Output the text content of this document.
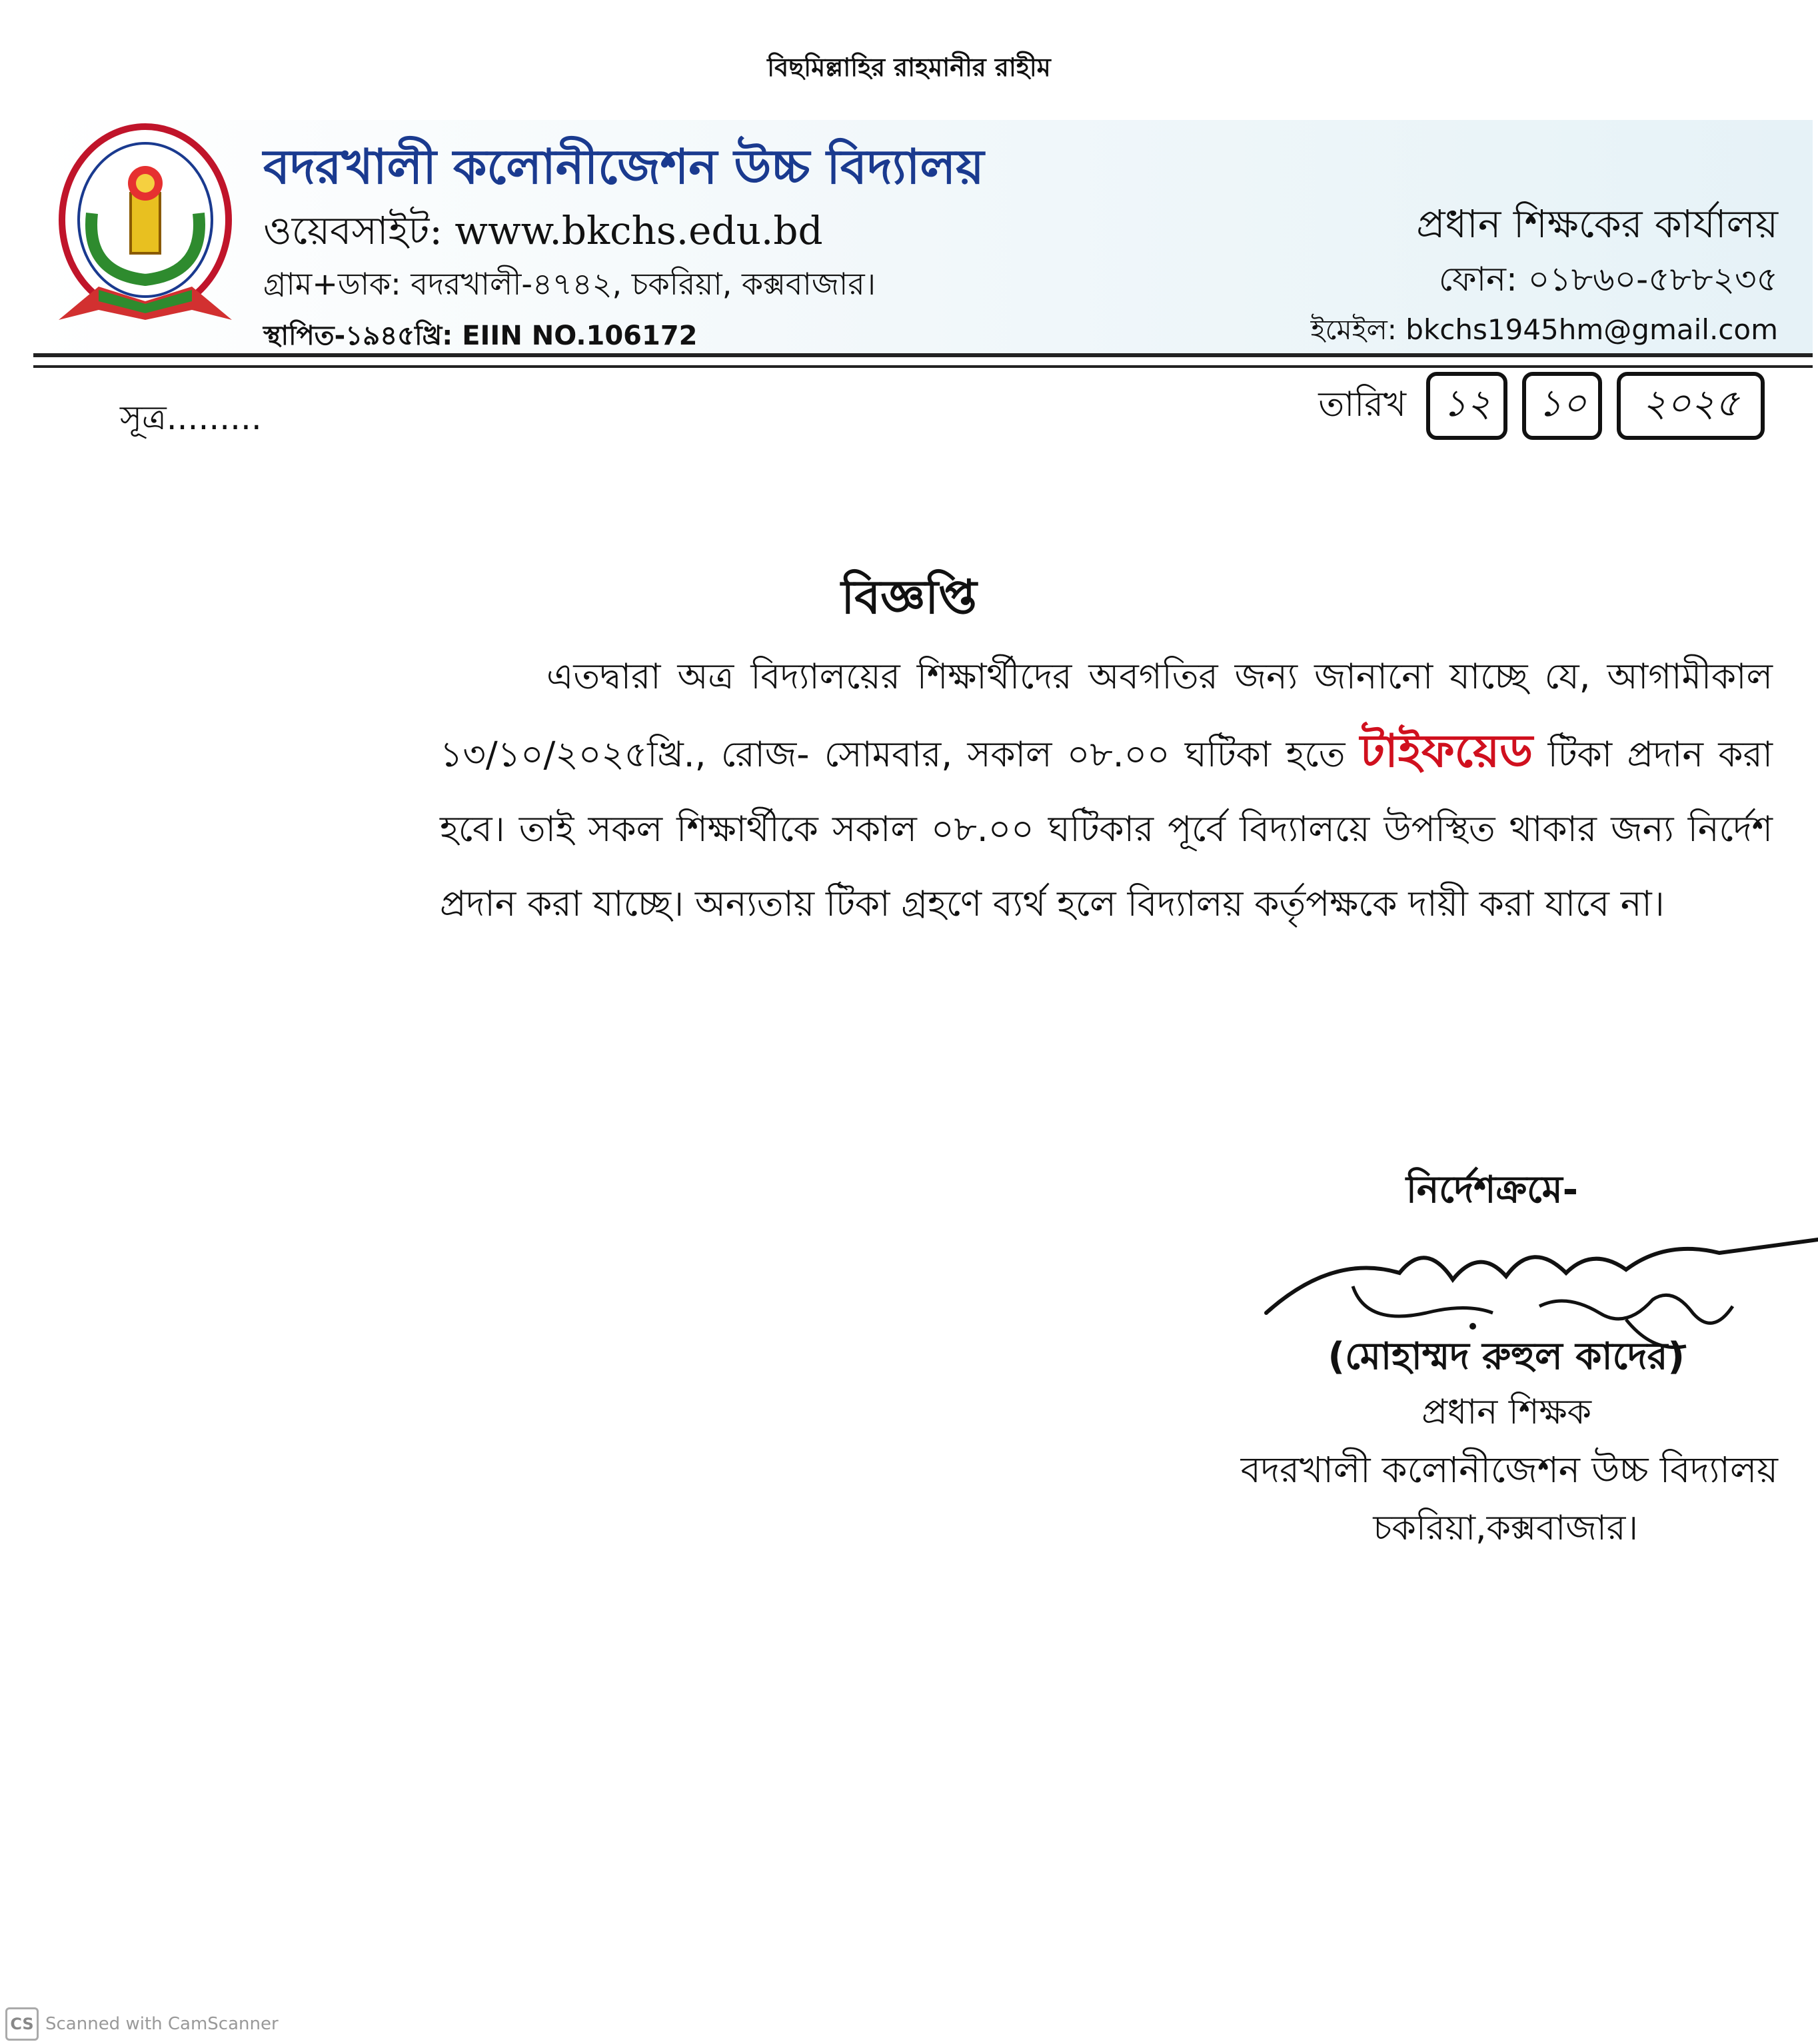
বিছমিল্লাহির রাহমানীর রাহীম
বদরখালী কলোনীজেশন উচ্চ বিদ্যালয়
ওয়েবসাইট: www.bkchs.edu.bd
গ্রাম+ডাক: বদরখালী-৪৭৪২, চকরিয়া, কক্সবাজার।
স্থাপিত-১৯৪৫খ্রি: EIIN NO.106172
প্রধান শিক্ষকের কার্যালয়
ফোন: ০১৮৬০-৫৮৮২৩৫
ইমেইল: bkchs1945hm@gmail.com
সূত্র.........	তারিখ ১২	১০	২০২৫
বিজ্ঞপ্তি
এতদ্বারা অত্র বিদ্যালয়ের শিক্ষার্থীদের অবগতির জন্য জানানো যাচ্ছে যে, আগামীকাল ১৩/১০/২০২৫খ্রি., রোজ- সোমবার, সকাল ০৮.০০ ঘটিকা হতে টাইফয়েড টিকা প্রদান করা হবে। তাই সকল শিক্ষার্থীকে সকাল ০৮.০০ ঘটিকার পূর্বে বিদ্যালয়ে উপস্থিত থাকার জন্য নির্দেশ প্রদান করা যাচ্ছে। অন্যতায় টিকা গ্রহণে ব্যর্থ হলে বিদ্যালয় কর্তৃপক্ষকে দায়ী করা যাবে না।
নির্দেশক্রমে-
(মোহাম্মদ রুহুল কাদের)
প্রধান শিক্ষক
বদরখালী কলোনীজেশন উচ্চ বিদ্যালয়
চকরিয়া,কক্সবাজার।
CS Scanned with CamScanner
